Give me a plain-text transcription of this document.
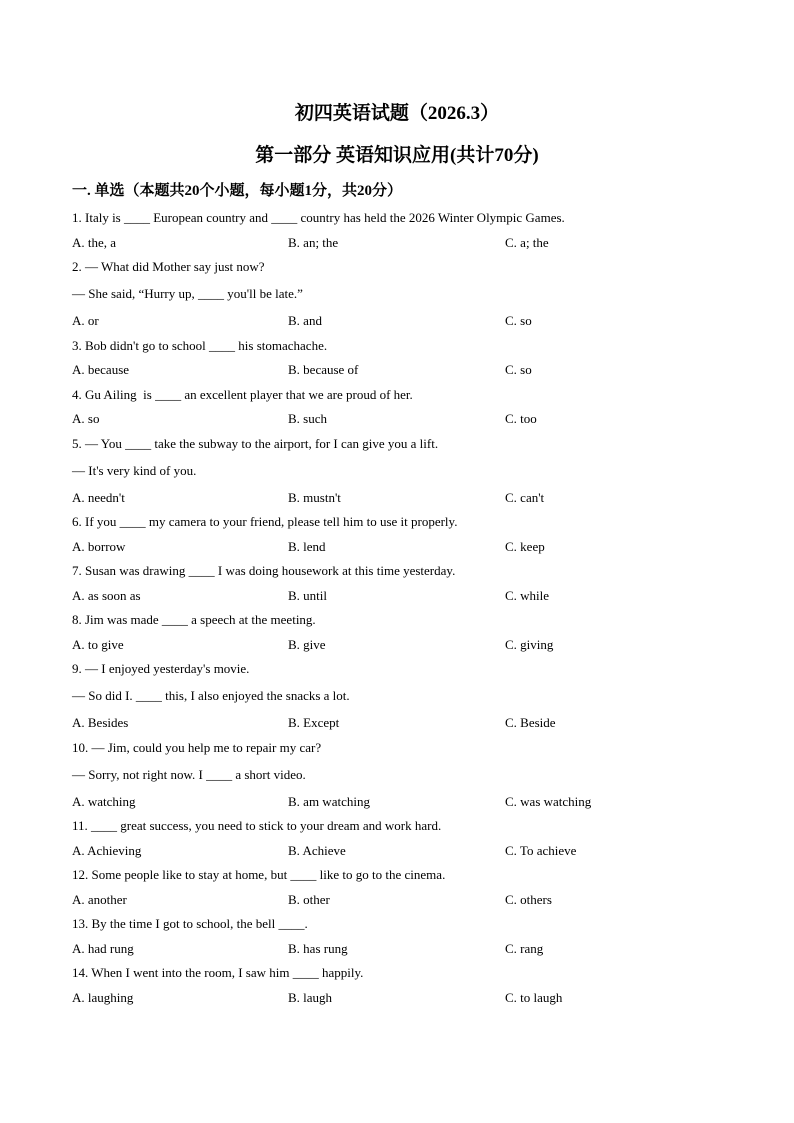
初四英语试题（2026.3）
第一部分 英语知识应用(共计70分)
一. 单选（本题共20个小题，每小题1分，共20分）
1. Italy is ____ European country and ____ country has held the 2026 Winter Olympic Games.
A. the, a	B. an; the	C. a; the
2. — What did Mother say just now?
— She said, “Hurry up, ____ you'll be late.”
A. or	B. and	C. so
3. Bob didn't go to school ____ his stomachache.
A. because	B. because of	C. so
4. Gu Ailing  is ____ an excellent player that we are proud of her.
A. so	B. such	C. too
5. — You ____ take the subway to the airport, for I can give you a lift.
— It's very kind of you.
A. needn't	B. mustn't	C. can't
6. If you ____ my camera to your friend, please tell him to use it properly.
A. borrow	B. lend	C. keep
7. Susan was drawing ____ I was doing housework at this time yesterday.
A. as soon as	B. until	C. while
8. Jim was made ____ a speech at the meeting.
A. to give	B. give	C. giving
9. — I enjoyed yesterday's movie.
— So did I. ____ this, I also enjoyed the snacks a lot.
A. Besides	B. Except	C. Beside
10. — Jim, could you help me to repair my car?
— Sorry, not right now. I ____ a short video.
A. watching	B. am watching	C. was watching
11. ____ great success, you need to stick to your dream and work hard.
A. Achieving	B. Achieve	C. To achieve
12. Some people like to stay at home, but ____ like to go to the cinema.
A. another	B. other	C. others
13. By the time I got to school, the bell ____.
A. had rung	B. has rung	C. rang
14. When I went into the room, I saw him ____ happily.
A. laughing	B. laugh	C. to laugh
